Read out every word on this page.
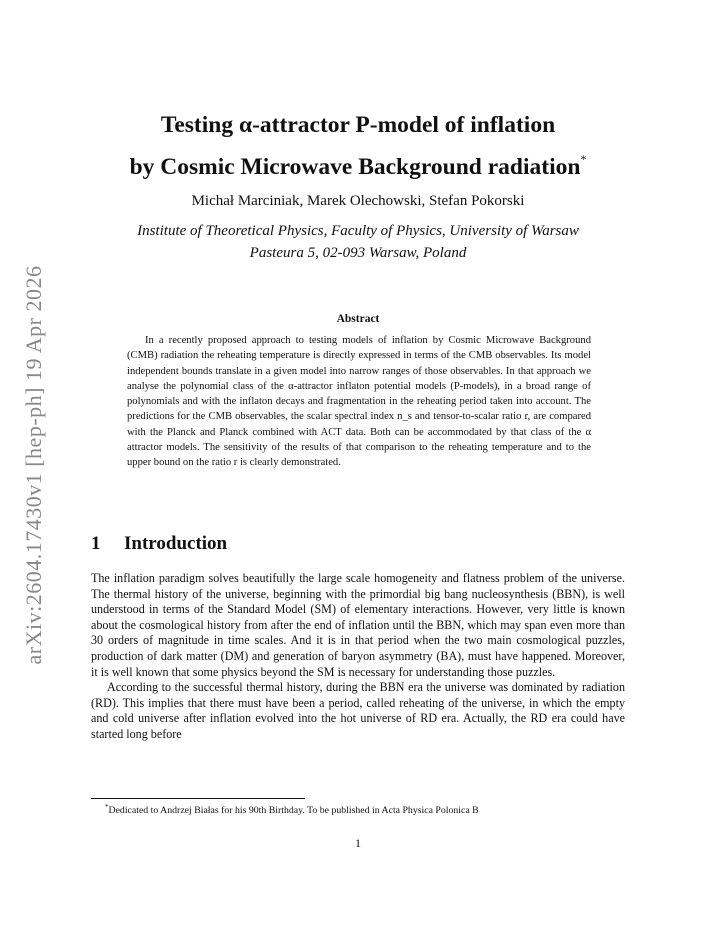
arXiv:2604.17430v1 [hep-ph] 19 Apr 2026
Testing α-attractor P-model of inflation
by Cosmic Microwave Background radiation*
Michał Marciniak, Marek Olechowski, Stefan Pokorski
Institute of Theoretical Physics, Faculty of Physics, University of Warsaw
Pasteura 5, 02-093 Warsaw, Poland
Abstract
In a recently proposed approach to testing models of inflation by Cosmic Microwave Background (CMB) radiation the reheating temperature is directly expressed in terms of the CMB observables. Its model independent bounds translate in a given model into narrow ranges of those observables. In that approach we analyse the polynomial class of the α-attractor inflaton potential models (P-models), in a broad range of polynomials and with the inflaton decays and fragmentation in the reheating period taken into account. The predictions for the CMB observables, the scalar spectral index n_s and tensor-to-scalar ratio r, are compared with the Planck and Planck combined with ACT data. Both can be accommodated by that class of the α attractor models. The sensitivity of the results of that comparison to the reheating temperature and to the upper bound on the ratio r is clearly demonstrated.
1 Introduction

The inflation paradigm solves beautifully the large scale homogeneity and flatness problem of the universe. The thermal history of the universe, beginning with the primordial big bang nucleosynthesis (BBN), is well understood in terms of the Standard Model (SM) of elementary interactions. However, very little is known about the cosmological history from after the end of inflation until the BBN, which may span even more than 30 orders of magnitude in time scales. And it is in that period when the two main cosmological puzzles, production of dark matter (DM) and generation of baryon asymmetry (BA), must have happened. Moreover, it is well known that some physics beyond the SM is necessary for understanding those puzzles.

According to the successful thermal history, during the BBN era the universe was dominated by radiation (RD). This implies that there must have been a period, called reheating of the universe, in which the empty and cold universe after inflation evolved into the hot universe of RD era. Actually, the RD era could have started long before

*Dedicated to Andrzej Białas for his 90th Birthday. To be published in Acta Physica Polonica B
1
